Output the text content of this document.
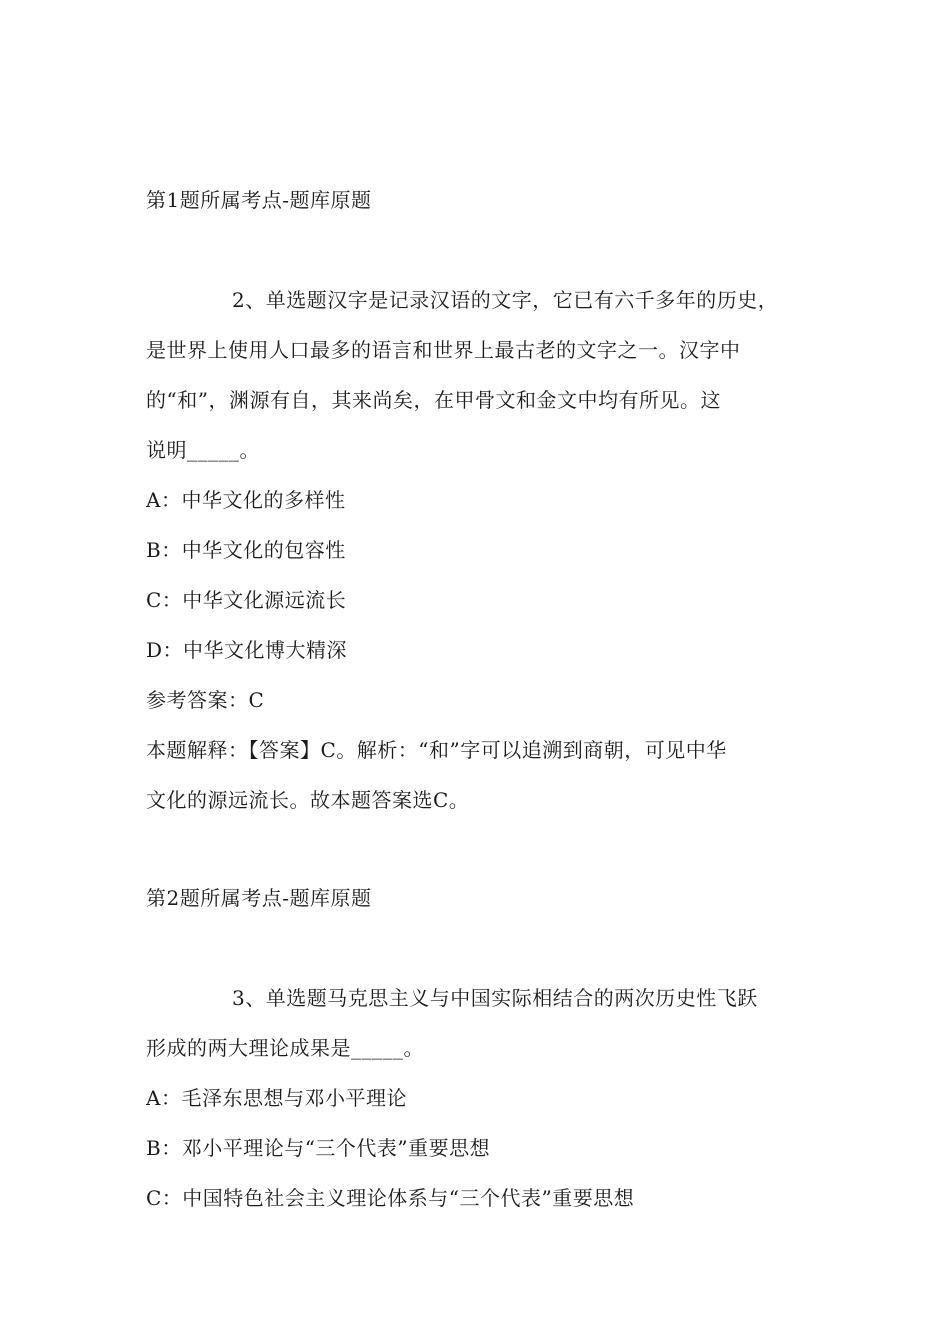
第1题所属考点-题库原题
2、单选题汉字是记录汉语的文字，它已有六千多年的历史，
是世界上使用人口最多的语言和世界上最古老的文字之一。汉字中
的“和”，渊源有自，其来尚矣，在甲骨文和金文中均有所见。这
说明_____。
A：中华文化的多样性
B：中华文化的包容性
C：中华文化源远流长
D：中华文化博大精深
参考答案：C
本题解释：【答案】C。解析：“和”字可以追溯到商朝，可见中华
文化的源远流长。故本题答案选C。
第2题所属考点-题库原题
3、单选题马克思主义与中国实际相结合的两次历史性飞跃
形成的两大理论成果是_____。
A：毛泽东思想与邓小平理论
B：邓小平理论与“三个代表”重要思想
C：中国特色社会主义理论体系与“三个代表”重要思想
